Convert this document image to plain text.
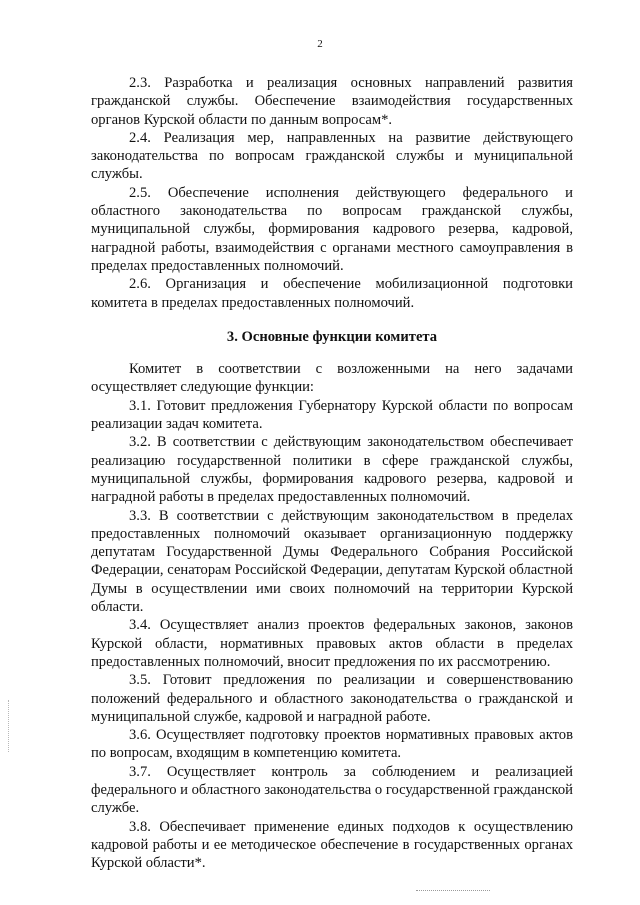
2

2.3. Разработка и реализация основных направлений развития гражданской службы. Обеспечение взаимодействия государственных органов Курской области по данным вопросам*.

2.4. Реализация мер, направленных на развитие действующего законодательства по вопросам гражданской службы и муниципальной службы.

2.5. Обеспечение исполнения действующего федерального и областного законодательства по вопросам гражданской службы, муниципальной службы, формирования кадрового резерва, кадровой, наградной работы, взаимодействия с органами местного самоуправления в пределах предоставленных полномочий.

2.6. Организация и обеспечение мобилизационной подготовки комитета в пределах предоставленных полномочий.

3. Основные функции комитета

Комитет в соответствии с возложенными на него задачами осуществляет следующие функции:

3.1. Готовит предложения Губернатору Курской области по вопросам реализации задач комитета.

3.2. В соответствии с действующим законодательством обеспечивает реализацию государственной политики в сфере гражданской службы, муниципальной службы, формирования кадрового резерва, кадровой и наградной работы в пределах предоставленных полномочий.

3.3. В соответствии с действующим законодательством в пределах предоставленных полномочий оказывает организационную поддержку депутатам Государственной Думы Федерального Собрания Российской Федерации, сенаторам Российской Федерации, депутатам Курской областной Думы в осуществлении ими своих полномочий на территории Курской области.

3.4. Осуществляет анализ проектов федеральных законов, законов Курской области, нормативных правовых актов области в пределах предоставленных полномочий, вносит предложения по их рассмотрению.

3.5. Готовит предложения по реализации и совершенствованию положений федерального и областного законодательства о гражданской и муниципальной службе, кадровой и наградной работе.

3.6. Осуществляет подготовку проектов нормативных правовых актов по вопросам, входящим в компетенцию комитета.

3.7. Осуществляет контроль за соблюдением и реализацией федерального и областного законодательства о государственной гражданской службе.

3.8. Обеспечивает применение единых подходов к осуществлению кадровой работы и ее методическое обеспечение в государственных органах Курской области*.
